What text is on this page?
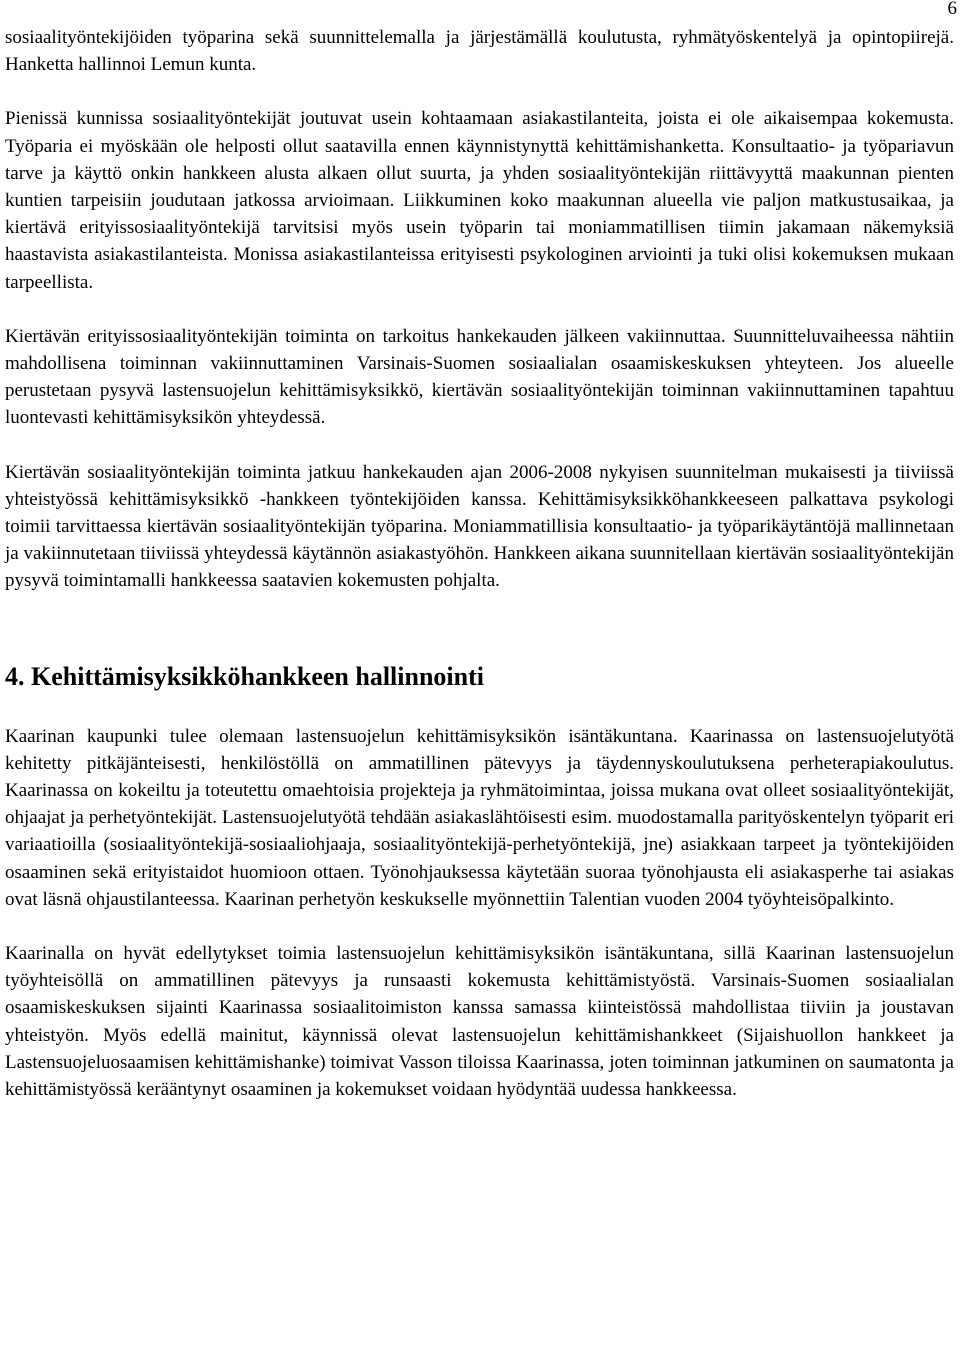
6

sosiaalityöntekijöiden työparina sekä suunnittelemalla ja järjestämällä koulutusta, ryhmätyöskentelyä ja opintopiirejä. Hanketta hallinnoi Lemun kunta.

Pienissä kunnissa sosiaalityöntekijät joutuvat usein kohtaamaan asiakastilanteita, joista ei ole aikaisempaa kokemusta. Työparia ei myöskään ole helposti ollut saatavilla ennen käynnistynyttä kehittämishanketta. Konsultaatio- ja työpariavun tarve ja käyttö onkin hankkeen alusta alkaen ollut suurta, ja yhden sosiaalityöntekijän riittävyyttä maakunnan pienten kuntien tarpeisiin joudutaan jatkossa arvioimaan. Liikkuminen koko maakunnan alueella vie paljon matkustusaikaa, ja kiertävä erityissosiaalityöntekijä tarvitsisi myös usein työparin tai moniammatillisen tiimin jakamaan näkemyksiä haastavista asiakastilanteista. Monissa asiakastilanteissa erityisesti psykologinen arviointi ja tuki olisi kokemuksen mukaan tarpeellista.

Kiertävän erityissosiaalityöntekijän toiminta on tarkoitus hankekauden jälkeen vakiinnuttaa. Suunnitteluvaiheessa nähtiin mahdollisena toiminnan vakiinnuttaminen Varsinais-Suomen sosiaalialan osaamiskeskuksen yhteyteen. Jos alueelle perustetaan pysyvä lastensuojelun kehittämisyksikkö, kiertävän sosiaalityöntekijän toiminnan vakiinnuttaminen tapahtuu luontevasti kehittämisyksikön yhteydessä.

Kiertävän sosiaalityöntekijän toiminta jatkuu hankekauden ajan 2006-2008 nykyisen suunnitelman mukaisesti ja tiiviissä yhteistyössä kehittämisyksikkö -hankkeen työntekijöiden kanssa. Kehittämisyksikköhankkeeseen palkattava psykologi toimii tarvittaessa kiertävän sosiaalityöntekijän työparina. Moniammatillisia konsultaatio- ja työparikäytäntöjä mallinnetaan ja vakiinnutetaan tiiviissä yhteydessä käytännön asiakastyöhön. Hankkeen aikana suunnitellaan kiertävän sosiaalityöntekijän pysyvä toimintamalli hankkeessa saatavien kokemusten pohjalta.

4. Kehittämisyksikköhankkeen hallinnointi

Kaarinan kaupunki tulee olemaan lastensuojelun kehittämisyksikön isäntäkuntana. Kaarinassa on lastensuojelutyötä kehitetty pitkäjänteisesti, henkilöstöllä on ammatillinen pätevyys ja täydennyskoulutuksena perheterapiakoulutus. Kaarinassa on kokeiltu ja toteutettu omaehtoisia projekteja ja ryhmätoimintaa, joissa mukana ovat olleet sosiaalityöntekijät, ohjaajat ja perhetyöntekijät. Lastensuojelutyötä tehdään asiakaslähtöisesti esim. muodostamalla parityöskentelyn työparit eri variaatioilla (sosiaalityöntekijä-sosiaaliohjaaja, sosiaalityöntekijä-perhetyöntekijä, jne) asiakkaan tarpeet ja työntekijöiden osaaminen sekä erityistaidot huomioon ottaen. Työnohjauksessa käytetään suoraa työnohjausta eli asiakasperhe tai asiakas ovat läsnä ohjaustilanteessa. Kaarinan perhetyön keskukselle myönnettiin Talentian vuoden 2004 työyhteisöpalkinto.

Kaarinalla on hyvät edellytykset toimia lastensuojelun kehittämisyksikön isäntäkuntana, sillä Kaarinan lastensuojelun työyhteisöllä on ammatillinen pätevyys ja runsaasti kokemusta kehittämistyöstä. Varsinais-Suomen sosiaalialan osaamiskeskuksen sijainti Kaarinassa sosiaalitoimiston kanssa samassa kiinteistössä mahdollistaa tiiviin ja joustavan yhteistyön. Myös edellä mainitut, käynnissä olevat lastensuojelun kehittämishankkeet (Sijaishuollon hankkeet ja Lastensuojeluosaamisen kehittämishanke) toimivat Vasson tiloissa Kaarinassa, joten toiminnan jatkuminen on saumatonta ja kehittämistyössä kerääntynyt osaaminen ja kokemukset voidaan hyödyntää uudessa hankkeessa.
